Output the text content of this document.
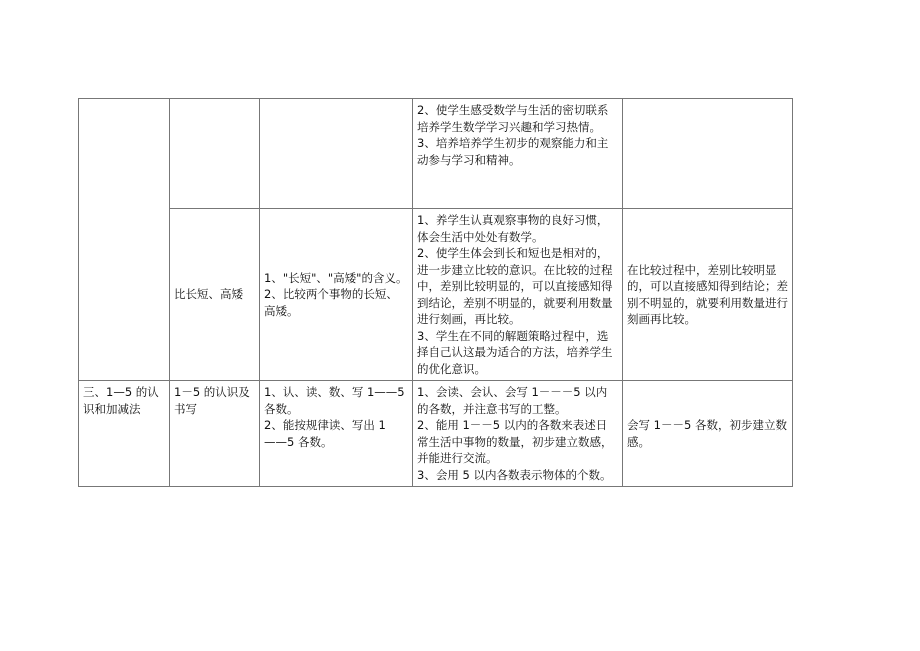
			2、使学生感受数学与生活的密切联系培养学生数学学习兴趣和学习热情。
3、培养培养学生初步的观察能力和主动参与学习和精神。	

	比长短、高矮	1、"长短"、"高矮"的含义。
2、比较两个事物的长短、高矮。	1、养学生认真观察事物的良好习惯，体会生活中处处有数学。
2、使学生体会到长和短也是相对的，进一步建立比较的意识。在比较的过程中，差别比较明显的，可以直接感知得到结论，差别不明显的，就要利用数量进行刻画，再比较。
3、学生在不同的解题策略过程中，选择自己认这最为适合的方法，培养学生的优化意识。	在比较过程中，差别比较明显的，可以直接感知得到结论；差别不明显的，就要利用数量进行刻画再比较。

三、1—5 的认识和加减法	1－5 的认识及书写	1、认、读、数、写 1——5 各数。
2、能按规律读、写出 1——5 各数。	1、会读、会认、会写 1－－－5 以内的各数，并注意书写的工整。
2、能用 1－－5 以内的各数来表述日常生活中事物的数量，初步建立数感，并能进行交流。
3、会用 5 以内各数表示物体的个数。	会写 1－－5 各数，初步建立数感。
